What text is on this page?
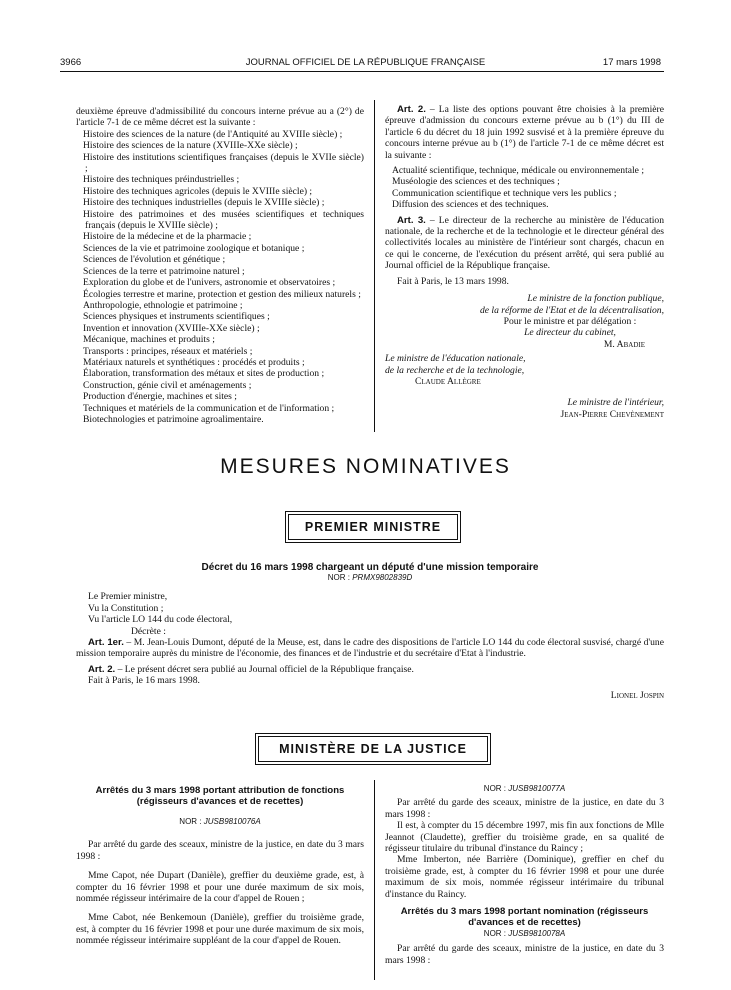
3966	JOURNAL OFFICIEL DE LA RÉPUBLIQUE FRANÇAISE	17 mars 1998

deuxième épreuve d'admissibilité du concours interne prévue au a (2°) de l'article 7-1 de ce même décret est la suivante :

Histoire des sciences de la nature (de l'Antiquité au XVIIIe siècle) ;
Histoire des sciences de la nature (XVIIIe-XXe siècle) ;
Histoire des institutions scientifiques françaises (depuis le XVIIe siècle) ;
Histoire des techniques préindustrielles ;
Histoire des techniques agricoles (depuis le XVIIIe siècle) ;
Histoire des techniques industrielles (depuis le XVIIIe siècle) ;
Histoire des patrimoines et des musées scientifiques et techniques français (depuis le XVIIIe siècle) ;
Histoire de la médecine et de la pharmacie ;
Sciences de la vie et patrimoine zoologique et botanique ;
Sciences de l'évolution et génétique ;
Sciences de la terre et patrimoine naturel ;
Exploration du globe et de l'univers, astronomie et observatoires ;
Écologies terrestre et marine, protection et gestion des milieux naturels ;
Anthropologie, ethnologie et patrimoine ;
Sciences physiques et instruments scientifiques ;
Invention et innovation (XVIIIe-XXe siècle) ;
Mécanique, machines et produits ;
Transports : principes, réseaux et matériels ;
Matériaux naturels et synthétiques : procédés et produits ;
Élaboration, transformation des métaux et sites de production ;
Construction, génie civil et aménagements ;
Production d'énergie, machines et sites ;
Techniques et matériels de la communication et de l'information ;
Biotechnologies et patrimoine agroalimentaire.

Art. 2. – La liste des options pouvant être choisies à la première épreuve d'admission du concours externe prévue au b (1°) du III de l'article 6 du décret du 18 juin 1992 susvisé et à la première épreuve du concours interne prévue au b (1°) de l'article 7-1 de ce même décret est la suivante :

Actualité scientifique, technique, médicale ou environnementale ;
Muséologie des sciences et des techniques ;
Communication scientifique et technique vers les publics ;
Diffusion des sciences et des techniques.

Art. 3. – Le directeur de la recherche au ministère de l'éducation nationale, de la recherche et de la technologie et le directeur général des collectivités locales au ministère de l'intérieur sont chargés, chacun en ce qui le concerne, de l'exécution du présent arrêté, qui sera publié au Journal officiel de la République française.

Fait à Paris, le 13 mars 1998.

Le ministre de la fonction publique,
de la réforme de l'Etat et de la décentralisation,
Pour le ministre et par délégation :
Le directeur du cabinet,
M. Abadie
Le ministre de l'éducation nationale,
de la recherche et de la technologie,
Claude Allègre
Le ministre de l'intérieur,
Jean-Pierre Chevènement
MESURES NOMINATIVES
PREMIER MINISTRE
Décret du 16 mars 1998 chargeant un député d'une mission temporaire
NOR : PRMX9802839D
Le Premier ministre,
Vu la Constitution ;
Vu l'article LO 144 du code électoral,
Décrète :

Art. 1er. – M. Jean-Louis Dumont, député de la Meuse, est, dans le cadre des dispositions de l'article LO 144 du code électoral susvisé, chargé d'une mission temporaire auprès du ministre de l'économie, des finances et de l'industrie et du secrétaire d'Etat à l'industrie.

Art. 2. – Le présent décret sera publié au Journal officiel de la République française.

Fait à Paris, le 16 mars 1998.

Lionel Jospin
MINISTÈRE DE LA JUSTICE
Arrêtés du 3 mars 1998 portant attribution de fonctions (régisseurs d'avances et de recettes)
NOR : JUSB9810076A

Par arrêté du garde des sceaux, ministre de la justice, en date du 3 mars 1998 :

Mme Capot, née Dupart (Danièle), greffier du deuxième grade, est, à compter du 16 février 1998 et pour une durée maximum de six mois, nommée régisseur intérimaire de la cour d'appel de Rouen ;

Mme Cabot, née Benkemoun (Danièle), greffier du troisième grade, est, à compter du 16 février 1998 et pour une durée maximum de six mois, nommée régisseur intérimaire suppléant de la cour d'appel de Rouen.

NOR : JUSB9810077A

Par arrêté du garde des sceaux, ministre de la justice, en date du 3 mars 1998 :

Il est, à compter du 15 décembre 1997, mis fin aux fonctions de Mlle Jeannot (Claudette), greffier du troisième grade, en sa qualité de régisseur titulaire du tribunal d'instance du Raincy ;

Mme Imberton, née Barrière (Dominique), greffier en chef du troisième grade, est, à compter du 16 février 1998 et pour une durée maximum de six mois, nommée régisseur intérimaire du tribunal d'instance du Raincy.

Arrêtés du 3 mars 1998 portant nomination (régisseurs d'avances et de recettes)
NOR : JUSB9810078A

Par arrêté du garde des sceaux, ministre de la justice, en date du 3 mars 1998 :
